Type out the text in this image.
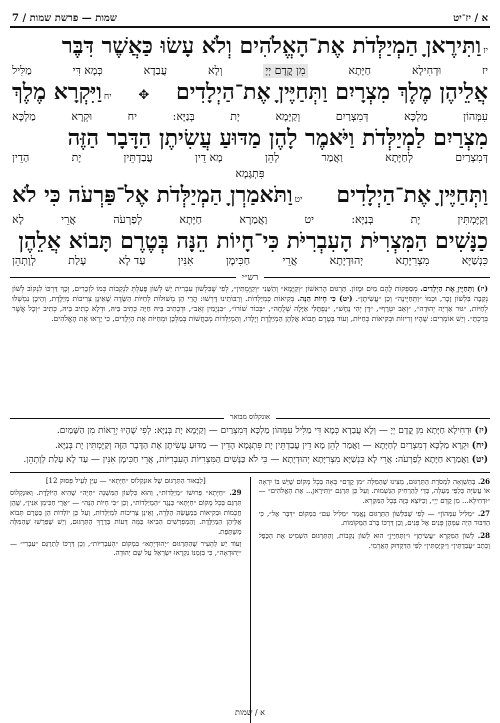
א / יז־יט
שמות — פרשת שמות / 7
יזוַתִּירֶאןָ הַמְיַלְּדֹת אֶת־הָאֱלֹהִים וְלֹא עָשׂוּ כַּאֲשֶׁר דִּבֶּר
יז
וּדְחִילָא
חַיָּתָא
מִן קֳדָם יְיָ
וְלָא
עֲבַדָא
כְּמָא דִּי
מַלִּיל
אֲלֵיהֶן מֶלֶךְ מִצְרָיִם וַתְּחַיֶּיןָ אֶת־הַיְלָדִים
✥
יחוַיִּקְרָא מֶלֶךְ
עִמְּהוֹן
מַלְכָּא
דְּמִצְרַיִם
וְקַיָּמָא
יָת
בְּנַיָּא:
יח
וּקְרָא
מַלְכָּא
מִצְרַיִם לַמְיַלְּדֹת וַיֹּאמֶר לָהֶן מַדּוּעַ עֲשִׂיתֶן הַדָּבָר הַזֶּה
דְּמִצְרַיִם
לְחַיָּתָא
וַאֲמַר
לְהֵן
מָא דֵין
עֲבַדְתֵּין
יָת
הַדֵין
פִּתְגָּמָא
וַתְּחַיֶּיןָ אֶת־הַיְלָדִים
יטוַתֹּאמַרְןָ הַמְיַלְּדֹת אֶל־פַּרְעֹה כִּי לֹא
וְקַיֶּמְתִּין
יָת
בְּנַיָּא:
יט
וַאֲמַרָא
חַיָּתָא
לְפַרְעֹה
אֲרֵי
לָא
כַנָּשִׁים הַמִּצְרִיֹּת הָעִבְרִיֹּת כִּי־חָיוֹת הֵנָּה בְּטֶרֶם תָּבוֹא אֲלֵהֶן
כִּנְשַׁיָּא
מִצְרִיָּתָא
יְהוּדְיָתָא
אֲרֵי
חַכִּימָן
אִנִּין
עַד לָא
עָלַת
לְוָתְהֵן
רש״י
(יז) וַתְּחַיֶּיןָ אֶת הַיְלָדִים. מְסַפְּקוֹת לָהֶם מַיִם וּמָזוֹן. תַּרְגּוּם הָרִאשׁוֹן ״וְקַיֶּמָא״ וְהַשֵּׁנִי ״וְקַיֶּמְתִּין״, לְפִי שֶׁבִּלְשׁוֹן עִבְרִית יֵשׁ לְשׁוֹן פָּעַלְתְּ לִנְקֵבוֹת כְּמוֹ לִזְכָרִים, וְכָךְ דַּרְכּוֹ לִנְקוֹב לְשׁוֹן נְקֵבָה בִּלְשׁוֹן זָכָר, וּכְמוֹ ״וַתְּחַיֶּינָה״ וְכֵן ״עֲשִׂיתֶן״. (יט) כִּי חָיוֹת הֵנָּה. בְּקִיאוֹת כְּמְיַלְּדוֹת. וְרַבּוֹתֵינוּ דָּרְשׁוּ: הֲרֵי הֵן מְשׁוּלוֹת לְחַיּוֹת הַשָּׂדֶה שֶׁאֵינָן צְרִיכוֹת מְיַלֶּדֶת, וְהֵיכָן נִמְשְׁלוּ לְחַיּוֹת, ״גּוּר אַרְיֵה יְהוּדָה״, ״זְאֵב יִטְרָף״, ״דָּן יְהִי נָחָשׁ״, ״נַפְתָּלִי אַיָּלָה שְׁלֻחָה״, ״בְּכוֹר שׁוֹרוֹ״, ״בִּנְיָמִין זְאֵב״, וּדְכְתִיב בֵּיהּ חַיָּה כְּתִיב בֵּיהּ, וּדְלָא כְתִיב בֵּיהּ, כְּתִיב ״וְכָל אֲשֶׁר בְּרַכְתָּ״. וְיֵשׁ אוֹמְרִים: שֶׁהָיוּ זְרִיזוֹת וּבְקִיאוֹת כְּחַיּוֹת, וְעוֹד בְּטֶרֶם תָּבוֹא אֲלֵהֶן הַמְיַלֶּדֶת וְיָלָדוּ, וְהַמְיַלְּדוֹת מְכַחֲשׁוֹת בְּמַלְכָּן וּמְחַיּוֹת אֶת הַיְלָדִים, כִּי יָרְאוּ אֶת הָאֱלֹהִים.
אונקלוס מבואר

(יז) וּדְחִילָא חַיָּתָא מִן קֳדָם יְיָ — וְלָא עֲבַדָא כְּמָא דִּי מַלִּיל עִמְּהוֹן מַלְכָּא דְּמִצְרַיִם — וְקַיָּמָא יָת בְּנַיָּא: לְפִי שֶׁהָיוּ יְרֵאוֹת מִן הַשָּׁמַיִם.

(יח) וּקְרָא מַלְכָּא דְמִצְרַיִם לְחַיָּתָא — וַאֲמַר לְהֵן מָא דֵין עֲבַדְתֵּין יָת פִּתְגָּמָא הָדֵין — מַדּוּעַ עֲשִׂיתֶן אֶת הַדָּבָר הַזֶּה וְקַיֶּמְתִּין יָת בְּנַיָּא.

(יט) וַאֲמַרָא חַיָּתָא לְפַרְעֹה: אֲרֵי לָא כִּנְשַׁיָּא מִצְרִיָּתָא יְהוּדְיָתָא — כִּי לֹא כַּנָּשִׁים הַמִּצְרִיּוֹת הָעִבְרִיּוֹת, אֲרֵי חַכִּימָן אִנִּין — עַד לָא עָלַת לְוָתְהֵן.

26. בְּהַשְׁוָאָה לִמְסֹרֶת הַתַּרְגּוּם, מָצִינוּ שֶׁהַמִּלָּה ״מִן קֳדָם״ בָּאָה בְּכָל מָקוֹם שֶׁיֵּשׁ בּוֹ יִרְאָה אוֹ עֲשִׂיָּה כְּלַפֵּי מַעְלָה, כְּדֵי לְהַרְחִיק הַגַּשְׁמוּת. וְעַל כֵּן תִּרְגֵּם ״וַתִּירֶאןָ... אֶת הָאֱלֹהִים״ — ״וּדְחִילָא... מִן קֳדָם יְיָ״, וְכַיּוֹצֵא בָּזֶה בְּכָל הַמִּקְרָא.

27. ״מַלִּיל עִמְּהוֹן״ — לְפִי שֶׁבִּלְשׁוֹן הַתַּרְגּוּם נֶאֱמַר ״מַלִּיל עִם״ בִּמְקוֹם ״דִּבֶּר אֶל״, כִּי הַדִּבּוּר הָיָה עִמָּהֶן פָּנִים אֶל פָּנִים, וְכֵן דַּרְכּוֹ בְּרֹב הַמְּקוֹמוֹת.

28. לְשׁוֹן הַמִּקְרָא ״עֲשִׂיתֶן״ וּ״וַתְּחַיֶּיןָ״ הוּא לְשׁוֹן נְקֵבוֹת, וְהַתַּרְגּוּם הִשְׁמִיט אֶת הַכֶּפֶל וְכָתַב ״עֲבַדְתֵּין״ וְ״קַיֶּמְתִּין״ לְפִי הַדִּקְדּוּק הָאֲרָמִי.

[לְבֵאוּר הַתַּרְגּוּם שֶׁל אוּנְקְלוֹס ״חַיָּתָא״ — עַיֵּן לְעֵיל פָּסוּק 12]

29. ״חַיָּתָא״ פֵּרוּשׁוֹ ״מְיַלְּדוֹת״, וְהוּא כִּלְשׁוֹן הַמִּשְׁנָה ״חַיָּה״ שֶׁהִיא הַיּוֹלֶדֶת. וְאוּנְקְלוֹס תִּרְגֵּם בְּכָל מָקוֹם ״חַיָּתָא״ כְּנֶגֶד ״הַמְיַלְּדוֹת״, וְכֵן ״כִּי חָיוֹת הֵנָּה״ — ״אֲרֵי חַכִּימָן אִנִּין״, שֶׁהֵן חֲכָמוֹת וּבְקִיאוֹת בְּמַעֲשֵׂה הַלֵּדָה, וְאֵינָן צְרִיכוֹת לִמְיַלְּדוֹת, וְעַל כֵּן יוֹלְדוֹת הֵן בְּטֶרֶם תָּבוֹא אֲלֵיהֶן הַמְיַלֶּדֶת. וְהַמְפָרְשִׁים הֵבִיאוּ כַּמָּה דֵּעוֹת בְּדֶרֶךְ הַתַּרְגּוּם, וְיֵשׁ שֶׁפֵּרְשׁוּ שֶׁהַמִּלָּה מְשֻׁתֶּפֶת.

וְעוֹד יֵשׁ לְהָעִיר שֶׁהַתַּרְגּוּם ״יְהוּדְיָתָא״ בִּמְקוֹם ״הָעִבְרִיּוֹת״, וְכֵן דַּרְכּוֹ לְתַרְגֵּם ״עִבְרִי״ — ״יְהוּדָאָה״, כִּי בִּזְמַנּוֹ נִקְרְאוּ יִשְׂרָאֵל עַל שֵׁם יְהוּדָה.

א / שמות
